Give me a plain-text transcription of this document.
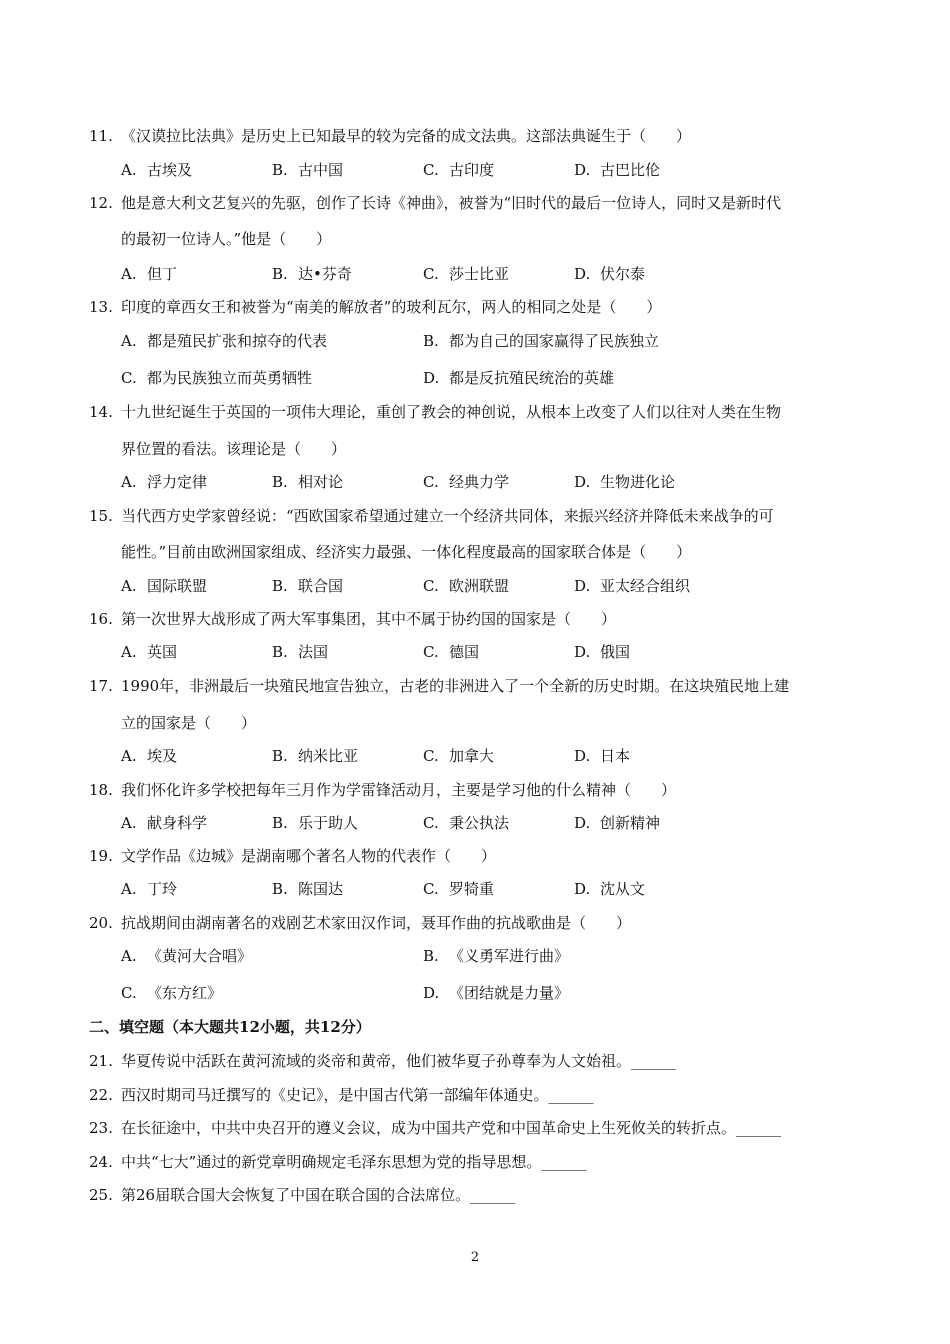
11. 《汉谟拉比法典》是历史上已知最早的较为完备的成文法典。这部法典诞生于（　　）
A. 古埃及	B. 古中国	C. 古印度	D. 古巴比伦
12. 他是意大利文艺复兴的先驱，创作了长诗《神曲》，被誉为“旧时代的最后一位诗人，同时又是新时代
的最初一位诗人。”他是（　　）
A. 但丁	B. 达•芬奇	C. 莎士比亚	D. 伏尔泰
13. 印度的章西女王和被誉为“南美的解放者”的玻利瓦尔，两人的相同之处是（　　）
A. 都是殖民扩张和掠夺的代表	B. 都为自己的国家赢得了民族独立
C. 都为民族独立而英勇牺牲	D. 都是反抗殖民统治的英雄
14. 十九世纪诞生于英国的一项伟大理论，重创了教会的神创说，从根本上改变了人们以往对人类在生物
界位置的看法。该理论是（　　）
A. 浮力定律	B. 相对论	C. 经典力学	D. 生物进化论
15. 当代西方史学家曾经说：“西欧国家希望通过建立一个经济共同体，来振兴经济并降低未来战争的可
能性。”目前由欧洲国家组成、经济实力最强、一体化程度最高的国家联合体是（　　）
A. 国际联盟	B. 联合国	C. 欧洲联盟	D. 亚太经合组织
16. 第一次世界大战形成了两大军事集团，其中不属于协约国的国家是（　　）
A. 英国	B. 法国	C. 德国	D. 俄国
17. 1990年，非洲最后一块殖民地宣告独立，古老的非洲进入了一个全新的历史时期。在这块殖民地上建
立的国家是（　　）
A. 埃及	B. 纳米比亚	C. 加拿大	D. 日本
18. 我们怀化许多学校把每年三月作为学雷锋活动月，主要是学习他的什么精神（　　）
A. 献身科学	B. 乐于助人	C. 秉公执法	D. 创新精神
19. 文学作品《边城》是湖南哪个著名人物的代表作（　　）
A. 丁玲	B. 陈国达	C. 罗犄重	D. 沈从文
20. 抗战期间由湖南著名的戏剧艺术家田汉作词，聂耳作曲的抗战歌曲是（　　）
A. 《黄河大合唱》	B. 《义勇军进行曲》
C. 《东方红》	D. 《团结就是力量》
二、填空题（本大题共12小题，共12分）
21. 华夏传说中活跃在黄河流域的炎帝和黄帝，他们被华夏子孙尊奉为人文始祖。______
22. 西汉时期司马迁撰写的《史记》，是中国古代第一部编年体通史。______
23. 在长征途中，中共中央召开的遵义会议，成为中国共产党和中国革命史上生死攸关的转折点。______
24. 中共“七大”通过的新党章明确规定毛泽东思想为党的指导思想。______
25. 第26届联合国大会恢复了中国在联合国的合法席位。______
2
